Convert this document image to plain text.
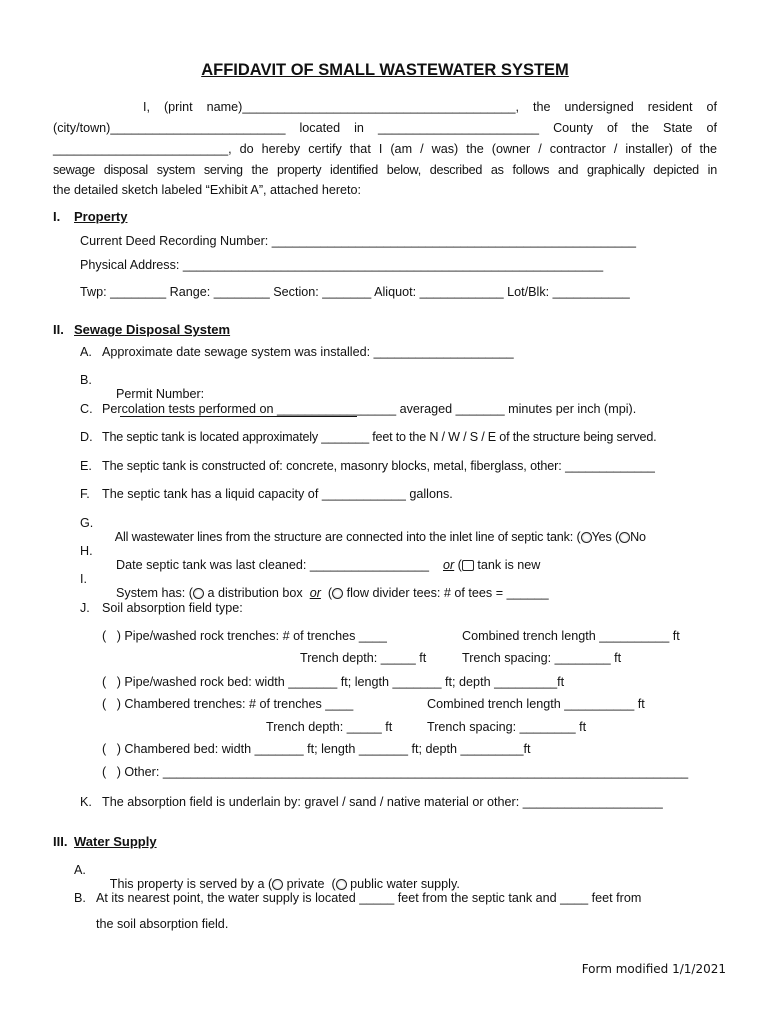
AFFIDAVIT OF SMALL WASTEWATER SYSTEM
I, (print name)_______________________________________, the undersigned resident of
(city/town)_________________________ located in _______________________ County of the State of
_________________________, do hereby certify that I (am / was) the (owner / contractor / installer) of the
sewage disposal system serving the property identified below, described as follows and graphically depicted in
the detailed sketch labeled “Exhibit A”, attached hereto:
I. Property
Current Deed Recording Number: ____________________________________________________
Physical Address: ____________________________________________________________
Twp: ________ Range: ________ Section: _______ Aliquot: ____________ Lot/Blk: ___________
II. Sewage Disposal System
A. Approximate date sewage system was installed: ____________________
B.

Permit Number:

C. Percolation tests performed on _________________ averaged _______ minutes per inch (mpi).
D. The septic tank is located approximately _______ feet to the N / W / S / E of the structure being served.
E. The septic tank is constructed of: concrete, masonry blocks, metal, fiberglass, other: _____________
F. The septic tank has a liquid capacity of ____________ gallons.
G.

All wastewater lines from the structure are connected into the inlet line of septic tank: ( Yes ( No

H.

Date septic tank was last cleaned: _________________    or ( tank is new

I.

System has: ( a distribution box  or  ( flow divider tees: # of tees = ______

J. Soil absorption field type:
(   ) Pipe/washed rock trenches: # of trenches ____	Combined trench length __________ ft
Trench depth: _____ ft	Trench spacing: ________ ft
(   ) Pipe/washed rock bed: width _______ ft; length _______ ft; depth _________ft
(   ) Chambered trenches: # of trenches ____	Combined trench length __________ ft
Trench depth: _____ ft	Trench spacing: ________ ft
(   ) Chambered bed: width _______ ft; length _______ ft; depth _________ft
(   ) Other: ___________________________________________________________________________
K. The absorption field is underlain by: gravel / sand / native material or other: ____________________
III. Water Supply
A.

This property is served by a ( private  ( public water supply.

B. At its nearest point, the water supply is located _____ feet from the septic tank and ____ feet from
the soil absorption field.
Form modified 1/1/2021
